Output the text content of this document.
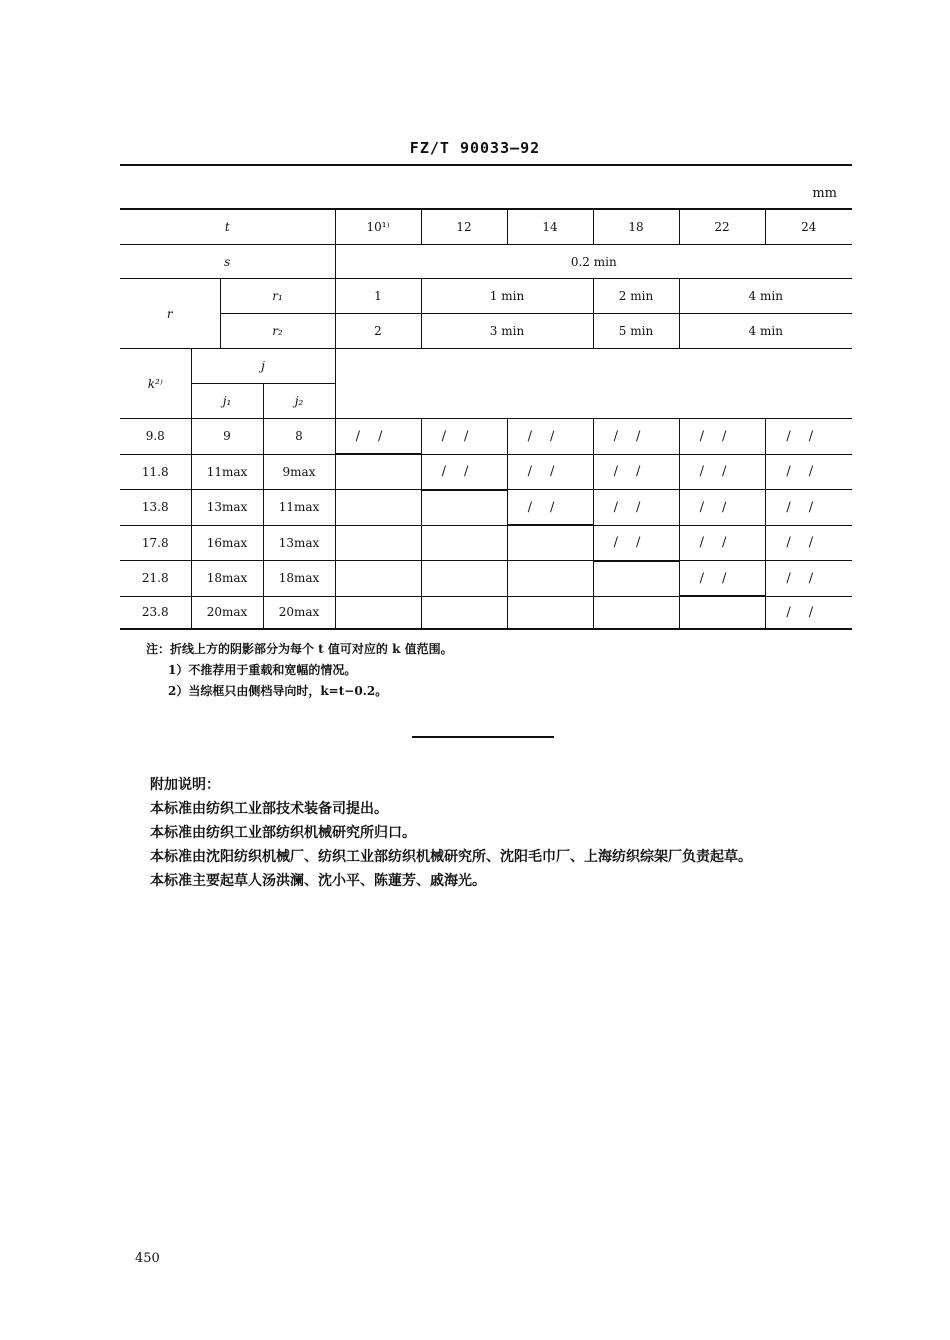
FZ/T 90033—92
mm
t				10¹⁾	12	14	18	22	24
s				0.2 min					
r		r₁		1	1 min		2 min	4 min	
		r₂		2	3 min		5 min	4 min	
k²⁾	j								
	j₁		j₂						
9.8	9		8	//	//	//	//	//	//
11.8	11max		9max		//	//	//	//	//
13.8	13max		11max			//	//	//	//
17.8	16max		13max				//	//	//
21.8	18max		18max					//	//
23.8	20max		20max						//
注：折线上方的阴影部分为每个 t 值可对应的 k 值范围。
1）不推荐用于重载和宽幅的情况。
2）当综框只由侧档导向时，k=t−0.2。
附加说明：
本标准由纺织工业部技术装备司提出。
本标准由纺织工业部纺织机械研究所归口。
本标准由沈阳纺织机械厂、纺织工业部纺织机械研究所、沈阳毛巾厂、上海纺织综架厂负责起草。
本标准主要起草人汤洪澜、沈小平、陈蓮芳、戚海光。
450
